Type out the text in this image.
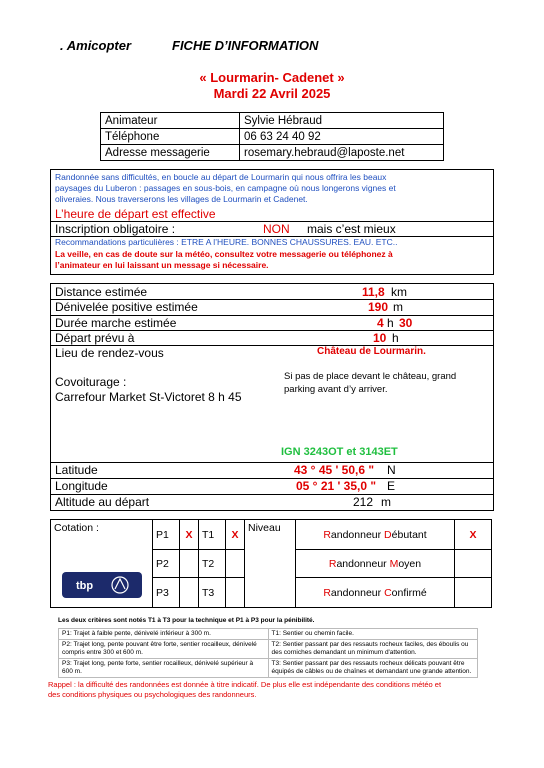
. Amicopter	FICHE D’INFORMATION
« Lourmarin- Cadenet »
Mardi 22 Avril 2025
Animateur	Sylvie Hébraud
Téléphone	06 63 24 40 92
Adresse messagerie	rosemary.hebraud@laposte.net
Randonnée sans difficultés, en boucle au départ de Lourmarin qui nous offrira les beaux
paysages du Luberon : passages en sous-bois, en campagne où nous longerons vignes et
oliveraies. Nous traverserons les villages de Lourmarin et Cadenet.
L’heure de départ est effective
Inscription obligatoire :	NON mais c’est mieux
Recommandations particulières : ETRE A l’HEURE. BONNES CHAUSSURES. EAU. ETC..
La veille, en cas de doute sur la météo, consultez votre messagerie ou téléphonez à
l’animateur en lui laissant un message si nécessaire.
Distance estimée	11,8 km
Dénivelée positive estimée	190 m
Durée marche estimée	4 h 30
Départ prévu à	10 h
Lieu de rendez-vous	Château de Lourmarin.
Covoiturage :
Carrefour Market St-Victoret 8 h 45
Si pas de place devant le château, grand
parking avant d’y arriver.
IGN 3243OT et 3143ET
Latitude	43 ° 45 ' 50,6 " N
Longitude	05 ° 21 ' 35,0 " E
Altitude au départ	212 m
Cotation :	P1	X	T1	X	Niveau	Randonneur Débutant	X
	P2		T2			Randonneur Moyen	
	P3		T3			Randonneur Confirmé	
tbp
Les deux critères sont notés T1 à T3 pour la technique et P1 à P3 pour la pénibilité.
P1: Trajet à faible pente, dénivelé inférieur à 300 m.	T1: Sentier ou chemin facile.
P2: Trajet long, pente pouvant être forte, sentier rocailleux, dénivelé compris entre 300 et 600 m.	T2: Sentier passant par des ressauts rocheux faciles, des éboulis ou des corniches demandant un minimum d'attention.
P3: Trajet long, pente forte, sentier rocailleux, dénivelé supérieur à 600 m.	T3: Sentier passant par des ressauts rocheux délicats pouvant être équipés de câbles ou de chaînes et demandant une grande attention.
Rappel : la difficulté des randonnées est donnée à titre indicatif. De plus elle est indépendante des conditions météo et
des conditions physiques ou psychologiques des randonneurs.
